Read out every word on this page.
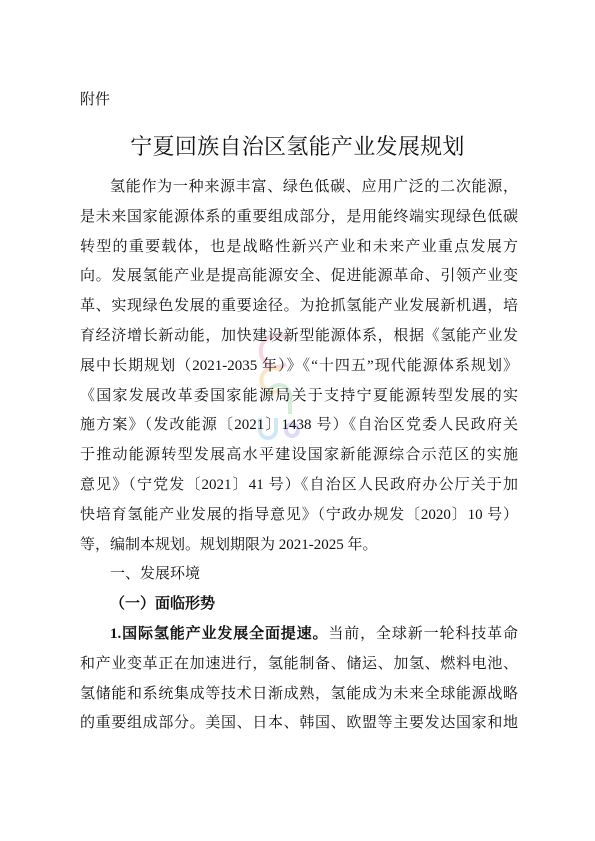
附件
宁夏回族自治区氢能产业发展规划
氢能作为一种来源丰富、绿色低碳、应用广泛的二次能源，
是未来国家能源体系的重要组成部分，是用能终端实现绿色低碳
转型的重要载体，也是战略性新兴产业和未来产业重点发展方
向。发展氢能产业是提高能源安全、促进能源革命、引领产业变
革、实现绿色发展的重要途径。为抢抓氢能产业发展新机遇，培
育经济增长新动能，加快建设新型能源体系，根据《氢能产业发
展中长期规划（2021-2035 年）》《“十四五”现代能源体系规划》
《国家发展改革委国家能源局关于支持宁夏能源转型发展的实
施方案》（发改能源〔2021〕1438 号）《自治区党委人民政府关
于推动能源转型发展高水平建设国家新能源综合示范区的实施
意见》（宁党发〔2021〕41 号）《自治区人民政府办公厅关于加
快培育氢能产业发展的指导意见》（宁政办规发〔2020〕10 号）
等，编制本规划。规划期限为 2021-2025 年。
一、发展环境
（一）面临形势
1.国际氢能产业发展全面提速。当前，全球新一轮科技革命
和产业变革正在加速进行，氢能制备、储运、加氢、燃料电池、
氢储能和系统集成等技术日渐成熟，氢能成为未来全球能源战略
的重要组成部分。美国、日本、韩国、欧盟等主要发达国家和地
